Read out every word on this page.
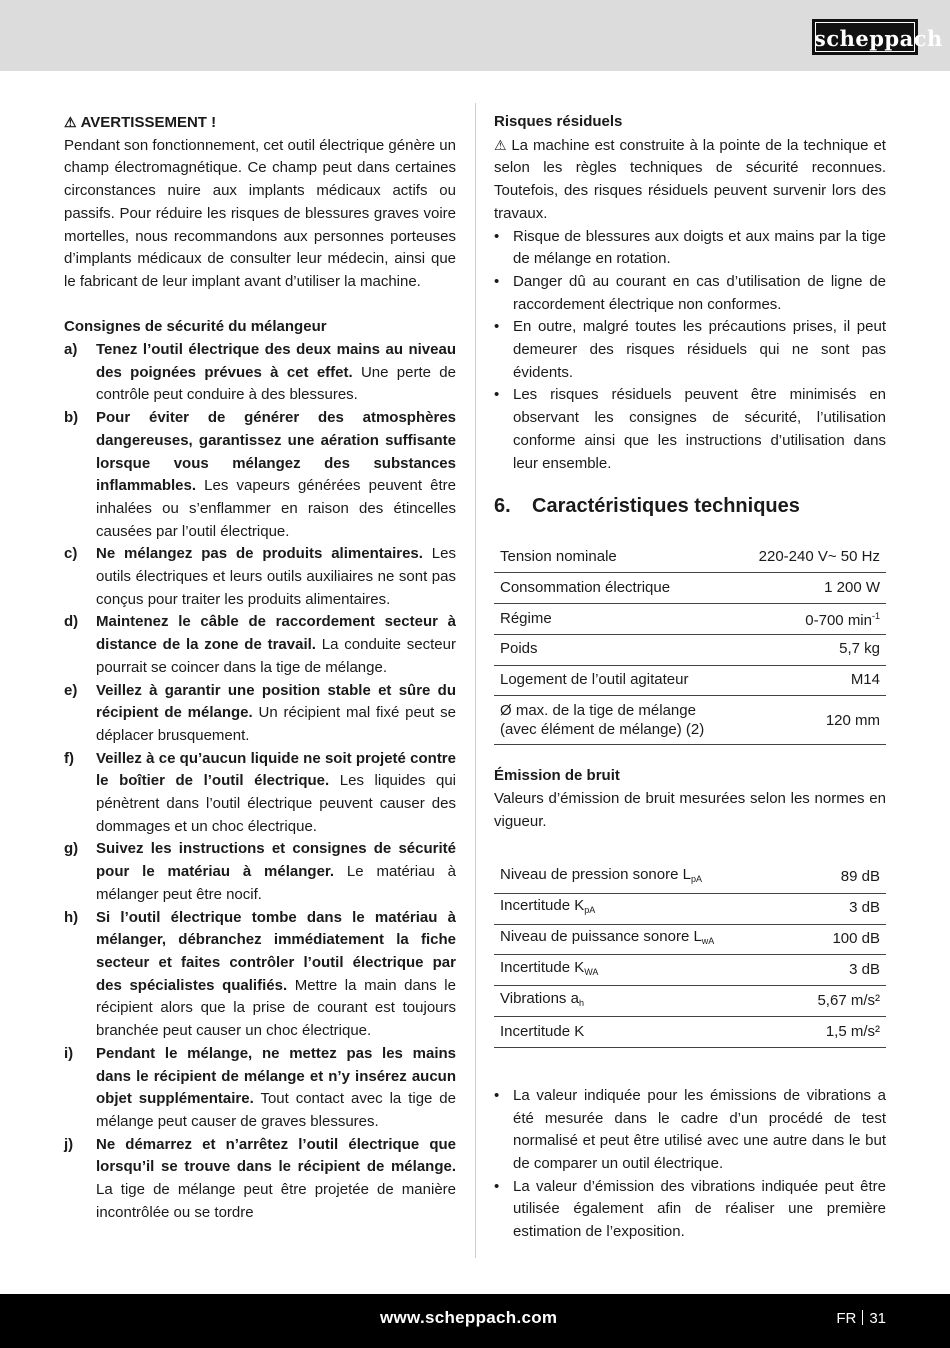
scheppach
⚠ AVERTISSEMENT !

Pendant son fonctionnement, cet outil électrique génère un champ électromagnétique. Ce champ peut dans certaines circonstances nuire aux implants médicaux actifs ou passifs. Pour réduire les risques de blessures graves voire mortelles, nous recommandons aux personnes porteuses d’implants médicaux de consulter leur médecin, ainsi que le fabricant de leur implant avant d’utiliser la machine.

Consignes de sécurité du mélangeur
a)	Tenez l’outil électrique des deux mains au niveau des poignées prévues à cet effet. Une perte de contrôle peut conduire à des blessures.
b)	Pour éviter de générer des atmosphères dangereuses, garantissez une aération suffisante lorsque vous mélangez des substances inflammables. Les vapeurs générées peuvent être inhalées ou s’enflammer en raison des étincelles causées par l’outil électrique.
c)	Ne mélangez pas de produits alimentaires. Les outils électriques et leurs outils auxiliaires ne sont pas conçus pour traiter les produits alimentaires.
d)	Maintenez le câble de raccordement secteur à distance de la zone de travail. La conduite secteur pourrait se coincer dans la tige de mélange.
e)	Veillez à garantir une position stable et sûre du récipient de mélange. Un récipient mal fixé peut se déplacer brusquement.
f)	Veillez à ce qu’aucun liquide ne soit projeté contre le boîtier de l’outil électrique. Les liquides qui pénètrent dans l’outil électrique peuvent causer des dommages et un choc électrique.
g)	Suivez les instructions et consignes de sécurité pour le matériau à mélanger. Le matériau à mélanger peut être nocif.
h)	Si l’outil électrique tombe dans le matériau à mélanger, débranchez immédiatement la fiche secteur et faites contrôler l’outil électrique par des spécialistes qualifiés. Mettre la main dans le récipient alors que la prise de courant est toujours branchée peut causer un choc électrique.
i)	Pendant le mélange, ne mettez pas les mains dans le récipient de mélange et n’y insérez aucun objet supplémentaire. Tout contact avec la tige de mélange peut causer de graves blessures.
j)	Ne démarrez et n’arrêtez l’outil électrique que lorsqu’il se trouve dans le récipient de mélange. La tige de mélange peut être projetée de manière incontrôlée ou se tordre
Risques résiduels

⚠ La machine est construite à la pointe de la technique et selon les règles techniques de sécurité reconnues. Toutefois, des risques résiduels peuvent survenir lors des travaux.

• Risque de blessures aux doigts et aux mains par la tige de mélange en rotation.
• Danger dû au courant en cas d’utilisation de ligne de raccordement électrique non conformes.
• En outre, malgré toutes les précautions prises, il peut demeurer des risques résiduels qui ne sont pas évidents.
• Les risques résiduels peuvent être minimisés en observant les consignes de sécurité, l’utilisation conforme ainsi que les instructions d’utilisation dans leur ensemble.
6.	Caractéristiques techniques
Tension nominale	220-240 V~ 50 Hz
Consommation électrique	1 200 W
Régime	0-700 $\min^{-1}$
Poids	5,7 kg
Logement de l’outil agitateur	M14
Ø max. de la tige de mélange
(avec élément de mélange) (2)	120 mm
Émission de bruit

Valeurs d’émission de bruit mesurées selon les normes en vigueur.

Niveau de pression sonore $L_{pA}$	89 dB
Incertitude $K_{pA}$	3 dB
Niveau de puissance sonore $L_{wA}$	100 dB
Incertitude $K_{WA}$	3 dB
Vibrations $a_h$	5,67 m/s²
Incertitude K	1,5 m/s²
• La valeur indiquée pour les émissions de vibrations a été mesurée dans le cadre d’un procédé de test normalisé et peut être utilisé avec une autre dans le but de comparer un outil électrique.
• La valeur d’émission des vibrations indiquée peut être utilisée également afin de réaliser une première estimation de l’exposition.
www.scheppach.com	FR 31
